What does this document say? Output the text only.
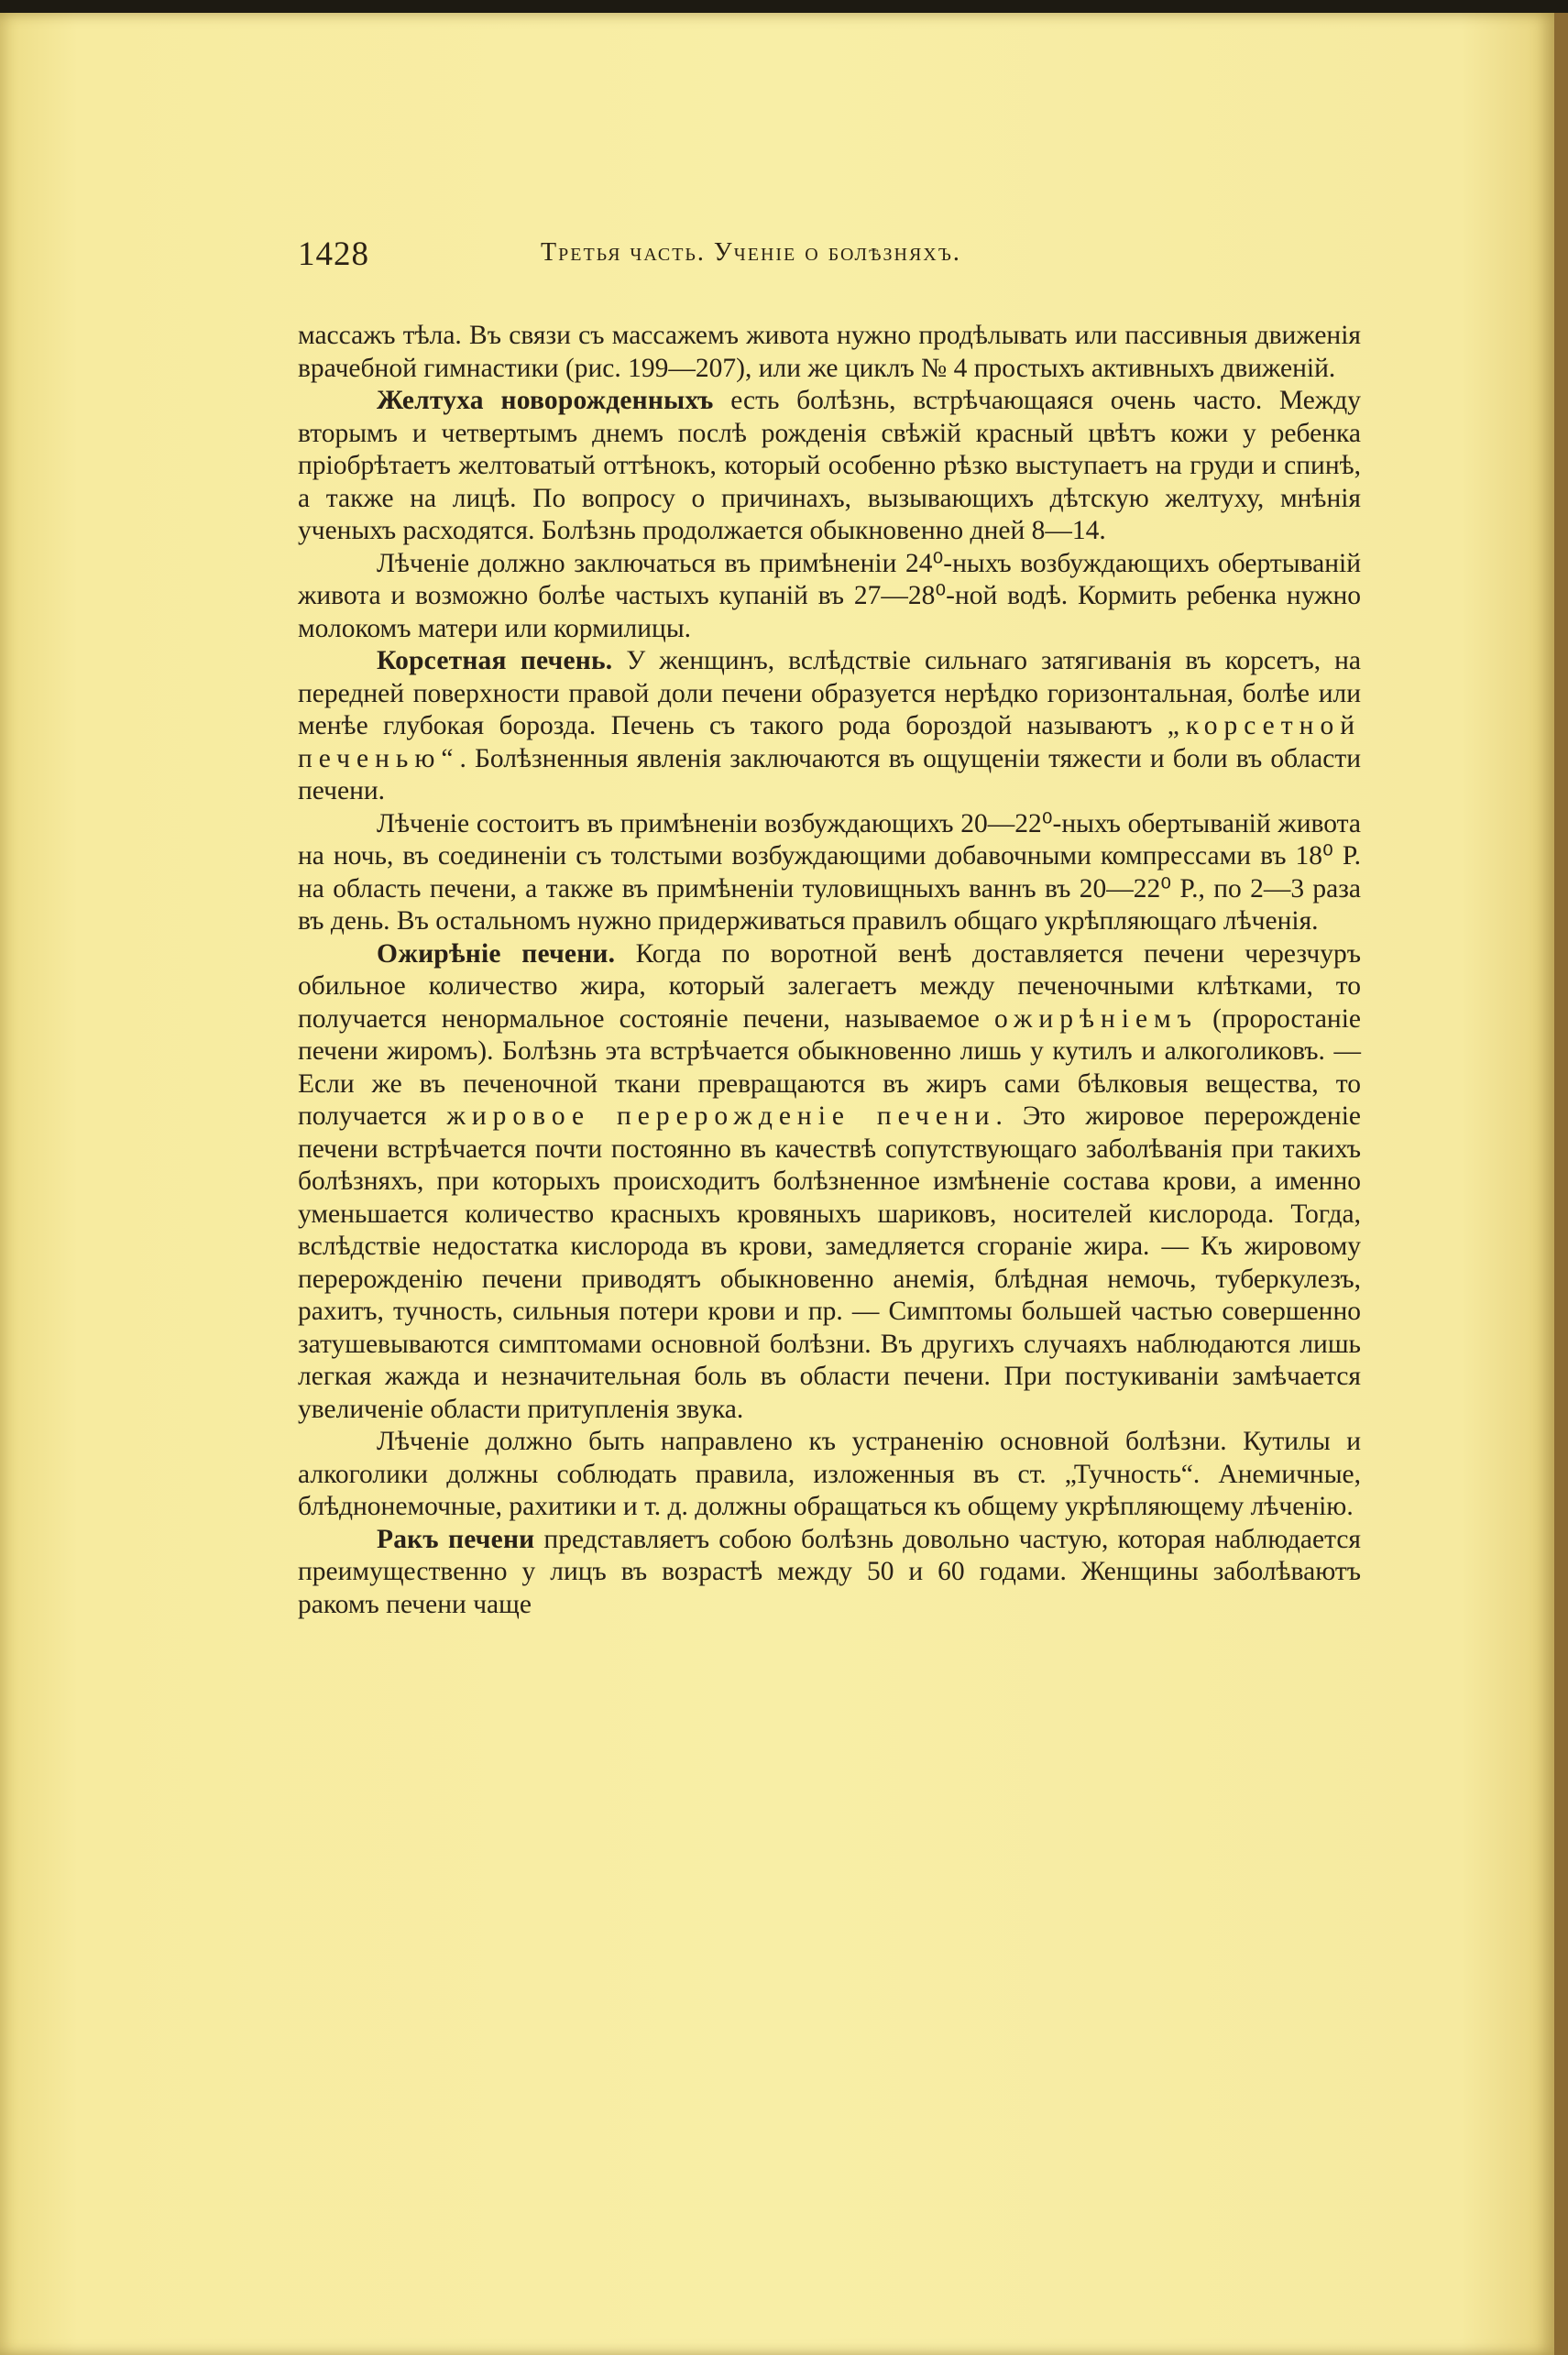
1428	Третья часть. Ученіе о болѣзняхъ.

массажъ тѣла. Въ связи съ массажемъ живота нужно продѣлывать или пассивныя движенія врачебной гимнастики (рис. 199—207), или же циклъ № 4 простыхъ активныхъ движеній.

Желтуха новорожденныхъ есть болѣзнь, встрѣчающаяся очень часто. Между вторымъ и четвертымъ днемъ послѣ рожденія свѣжій красный цвѣтъ кожи у ребенка пріобрѣтаетъ желтоватый оттѣнокъ, который особенно рѣзко выступаетъ на груди и спинѣ, а также на лицѣ. По вопросу о причинахъ, вызывающихъ дѣтскую желтуху, мнѣнія ученыхъ расходятся. Болѣзнь продолжается обыкновенно дней 8—14.

Лѣченіе должно заключаться въ примѣненіи 24⁰-ныхъ возбуждающихъ обертываній живота и возможно болѣе частыхъ купаній въ 27—28⁰-ной водѣ. Кормить ребенка нужно молокомъ матери или кормилицы.

Корсетная печень. У женщинъ, вслѣдствіе сильнаго затягиванія въ корсетъ, на передней поверхности правой доли печени образуется нерѣдко горизонтальная, болѣе или менѣе глубокая борозда. Печень съ такого рода бороздой называютъ „корсетной печенью“. Болѣзненныя явленія заключаются въ ощущеніи тяжести и боли въ области печени.

Лѣченіе состоитъ въ примѣненіи возбуждающихъ 20—22⁰-ныхъ обертываній живота на ночь, въ соединеніи съ толстыми возбуждающими добавочными компрессами въ 18⁰ Р. на область печени, а также въ примѣненіи туловищныхъ ваннъ въ 20—22⁰ Р., по 2—3 раза въ день. Въ остальномъ нужно придерживаться правилъ общаго укрѣпляющаго лѣченія.

Ожирѣніе печени. Когда по воротной венѣ доставляется печени черезчуръ обильное количество жира, который залегаетъ между печеночными клѣтками, то получается ненормальное состояніе печени, называемое ожирѣніемъ (проростаніе печени жиромъ). Болѣзнь эта встрѣчается обыкновенно лишь у кутилъ и алкоголиковъ. — Если же въ печеночной ткани превращаются въ жиръ сами бѣлковыя вещества, то получается жировое перерожденіе печени. Это жировое перерожденіе печени встрѣчается почти постоянно въ качествѣ сопутствующаго заболѣванія при такихъ болѣзняхъ, при которыхъ происходитъ болѣзненное измѣненіе состава крови, а именно уменьшается количество красныхъ кровяныхъ шариковъ, носителей кислорода. Тогда, вслѣдствіе недостатка кислорода въ крови, замедляется сгораніе жира. — Къ жировому перерожденію печени приводятъ обыкновенно анемія, блѣдная немочь, туберкулезъ, рахитъ, тучность, сильныя потери крови и пр. — Симптомы большей частью совершенно затушевываются симптомами основной болѣзни. Въ другихъ случаяхъ наблюдаются лишь легкая жажда и незначительная боль въ области печени. При постукиваніи замѣчается увеличеніе области притупленія звука.

Лѣченіе должно быть направлено къ устраненію основной болѣзни. Кутилы и алкоголики должны соблюдать правила, изложенныя въ ст. „Тучность“. Анемичные, блѣднонемочные, рахитики и т. д. должны обращаться къ общему укрѣпляющему лѣченію.

Ракъ печени представляетъ собою болѣзнь довольно частую, которая наблюдается преимущественно у лицъ въ возрастѣ между 50 и 60 годами. Женщины заболѣваютъ ракомъ печени чаще
